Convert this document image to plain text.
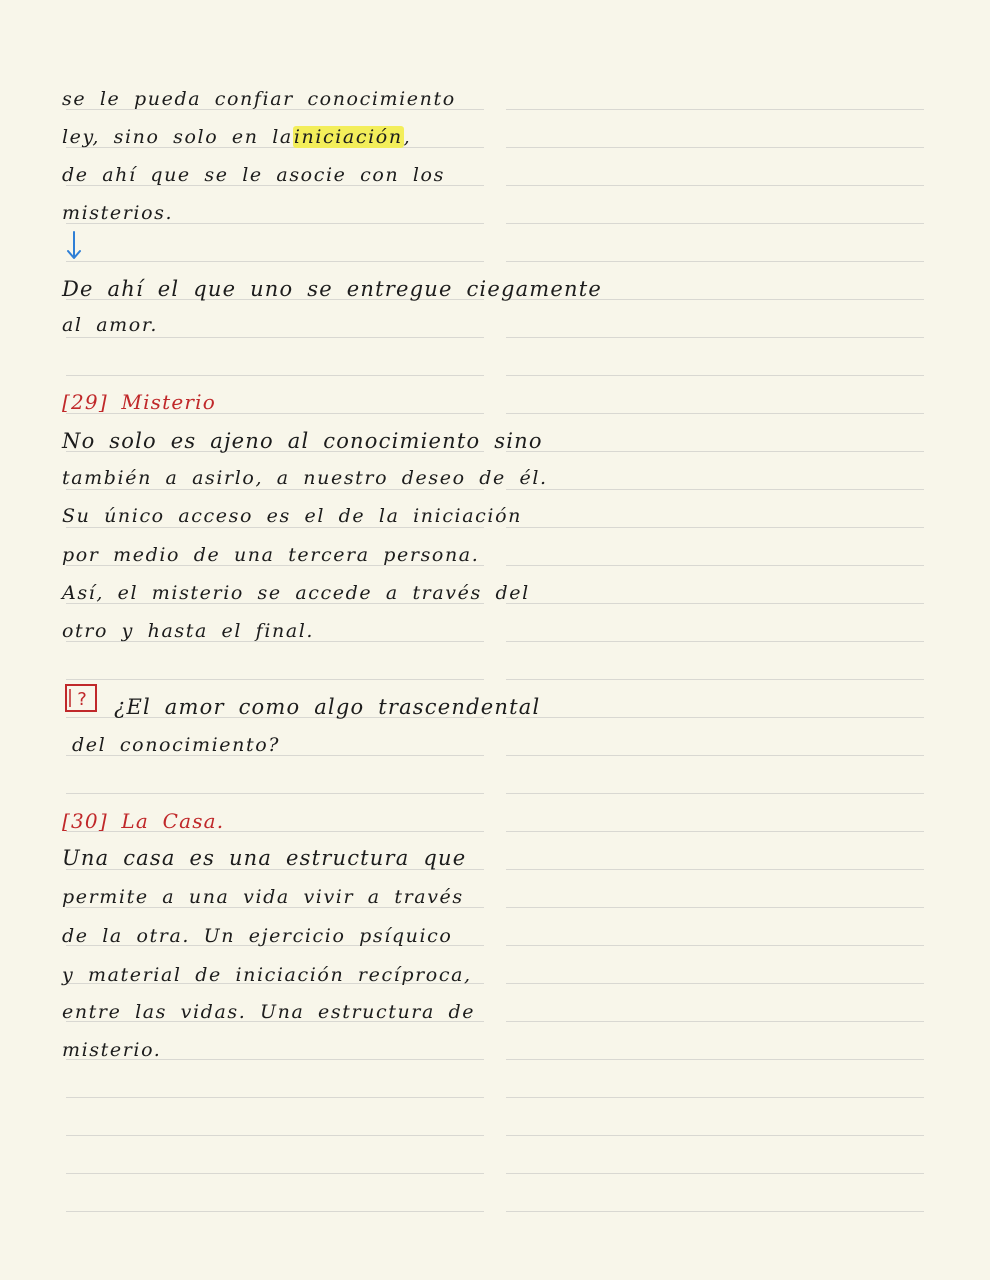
se le pueda confiar conocimiento
ley, sino solo en lainiciación,
de ahí que se le asocie con los
misterios.
De ahí el que uno se entregue ciegamente
al amor.
[29] Misterio
No solo es ajeno al conocimiento sino
también a asirlo, a nuestro deseo de él.
Su único acceso es el de la iniciación
por medio de una tercera persona.
Así, el misterio se accede a través del
otro y hasta el final.
? ¿El amor como algo trascendental
del conocimiento?
[30] La Casa.
Una casa es una estructura que
permite a una vida vivir a través
de la otra. Un ejercicio psíquico
y material de iniciación recíproca,
entre las vidas. Una estructura de
misterio.
